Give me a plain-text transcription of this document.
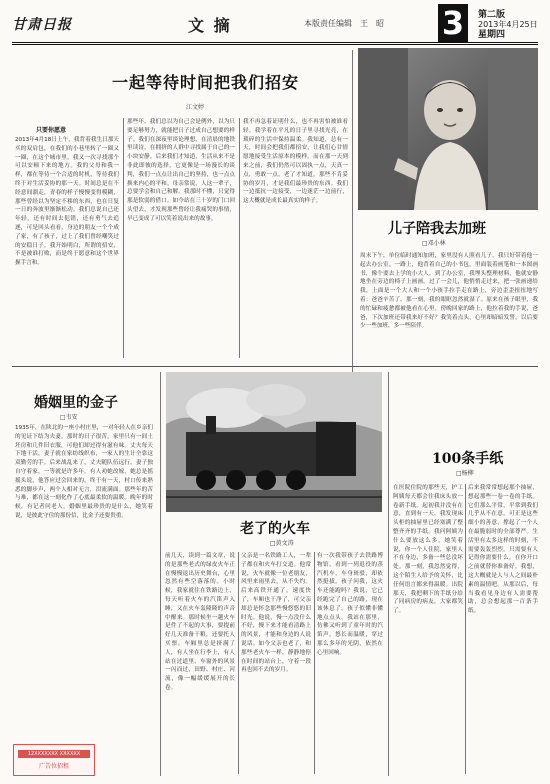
甘肃日报	文 摘	本版责任编辑　王　昭 3	第二版
2013年4月25日
星期四
一起等待时间把我们招安
江文婷
只要你愿意
2013年4月18日上午，我背着我生日那天买的双肩包，在我们的小巷里转了一圈又一圈，在这个城市里，我又一次寻找那个可以安顿下来的地方。我的父母和我一样，都在等待一个合适的时机，等待我们终于对生活妥协的那一天。时间总是在不经意间溜走，青春的样子慢慢变得模糊，那些曾经以为坚定不移的东西，也在日复一日的奔波里渐渐松动。我们总说自己还年轻，还有时间去犯错，还有勇气去追逐，可是回头看看，身边的朋友一个个成了家，有了孩子，过上了我们曾经嘲笑过的安稳日子。我开始明白，所谓的招安，不是被谁打败，而是终于愿意和这个世界握手言和。
那些年，我们总以为自己会是例外，以为只要足够努力，就能把日子过成自己想要的样子。我们在深夜里谈论理想，在清晨的地铁里读诗，在拥挤的人群中寻找属于自己的一小块安静。后来我们才知道，生活从来不是非此即彼的选择，它更像是一场漫长的谈判，我们一点点让出自己的坚持，也一点点换来内心的平和。母亲常说，人这一辈子，总要学会和自己和解。我那时不懂，只觉得那是软弱的借口。如今站在三十岁的门口回头望去，才发现那些曾经让我痛哭的事情，早已变成了可以笑着说出来的故事。
我不再急着证明什么，也不再害怕被谁看轻。我学着在平凡的日子里寻找光亮，在琐碎的生活中保持温柔。我知道，总有一天，时间会把我们都招安，让我们心甘情愿地接受生活原本的模样。而在那一天到来之前，我们仍然可以固执一点，天真一点，勇敢一点。老了才知道，那些不肯妥协的岁月，才是我们最珍贵的东西。我们一边抵抗一边接受，一边迷茫一边前行，这大概就是成长最真实的样子。
儿子陪我去加班
□邓小林
周末下午，单位临时通知加班，家里没有人照看儿子，我只好带着他一起去办公室。一路上，他背着自己的小书包，里面装着画笔和一本图画书，像个要去上学的小大人。到了办公室，我埋头整理材料，他就安静地坐在旁边的椅子上画画。过了一会儿，他悄悄走过来，把一张画递给我，上面是一个大人和一个小孩手拉手走在路上，旁边歪歪扭扭地写着：爸爸辛苦了。那一刻，我的眼眶忽然就湿了。原来在孩子眼里，我的忙碌和疲惫都被他看在心里。傍晚回家的路上，他拉着我的手说，爸爸，下次加班还带我来好不好？我笑着点头，心里却暗暗发誓，以后要少一些加班，多一些陪伴。
婚姻里的金子
□韦安
1935年，在陕北的一座小村庄里，一对年轻人在乡亲们的见证下结为夫妻。那时的日子很苦，家里只有一间土坯房和几件旧衣服，可他们却过得有滋有味。丈夫每天下地干活，妻子就在家纺线织布，一家人的生计全靠这双勤劳的手。后来战乱来了，丈夫随队伍远行，妻子独自守着家，一等就是许多年。有人劝她改嫁，她总是摇摇头说，他答应过会回来的。终于有一天，村口传来熟悉的脚步声，两个人相对无言，泪流满面。那些年的苦与难，都在这一刻化作了心底最柔软的温暖。晚年的时候，有记者问老人，婚姻里最珍贵的是什么，她笑着说，是彼此守住的那份信，比金子还要贵重。
老了的火车
□黄文涛
前几天，读到一篇文章，说的是那些老式的绿皮火车正在慢慢退出历史舞台，心里忽然有些空落落的。小时候，我家就住在铁路边上，每天听着火车的汽笛声入睡，又在火车轰隆隆的声音中醒来。那时候坐一趟火车是件了不起的大事，要提前好几天准备干粮，还要托人买票。车厢里总是挤满了人，有人坐在行李上，有人站在过道里，车窗外的风景一闪而过，田野、村庄、河流，像一幅缓缓展开的长卷。
父亲是一名铁路工人，一辈子都在和火车打交道。他常说，火车就像一位老朋友，风里来雨里去，从不失约。后来高铁开通了，速度快了，车厢也干净了，可父亲却总是怀念那些慢悠悠的旧时光。他说，慢一点没什么不好，慢下来才能看清路上的风景，才能和身边的人说说话。如今父亲也老了，和那些老火车一样，静静地停在时间的站台上，守着一段再也回不去的岁月。
有一次我带孩子去铁路博物馆，看到一列退役的蒸汽机车，车身斑驳，却依然挺拔。孩子问我，这火车还能跑吗？我说，它已经跑完了自己的路，现在该休息了。孩子似懂非懂地点点头。我站在那里，仿佛又听到了童年时的汽笛声，悠长而温暖，穿过那么多年的光阴，依然在心里回响。
100条手纸
□杨柳
在医院住院的那些天，护工阿姨每天都会往我床头放一卷新手纸。起初我并没有在意，直到有一天，我发现床头柜的抽屉里已经塞满了整整齐齐的手纸。我问阿姨为什么要放这么多，她笑着说，你一个人住院，家里人不在身边，多备一些总没坏处。那一刻，我忽然觉得，这个陌生人给予的关怀，比任何语言都来得温暖。出院那天，我把剩下的手纸分给了同病房的病友，大家都笑了。
后来我常常想起那个抽屉，想起那些一卷一卷的手纸。它们那么平常，平常到我们几乎从不在意，可正是这些细小的善意，撑起了一个人在最脆弱时的全部尊严。生活里有太多这样的时刻，不需要轰轰烈烈，只需要有人记得你需要什么，在你开口之前就替你准备好。我想，这大概就是人与人之间最朴素的温情吧。从那以后，每当我看见身边有人需要帮助，总会想起那一百条手纸。
12XXXXXXX XXXXXX
广告位招租
